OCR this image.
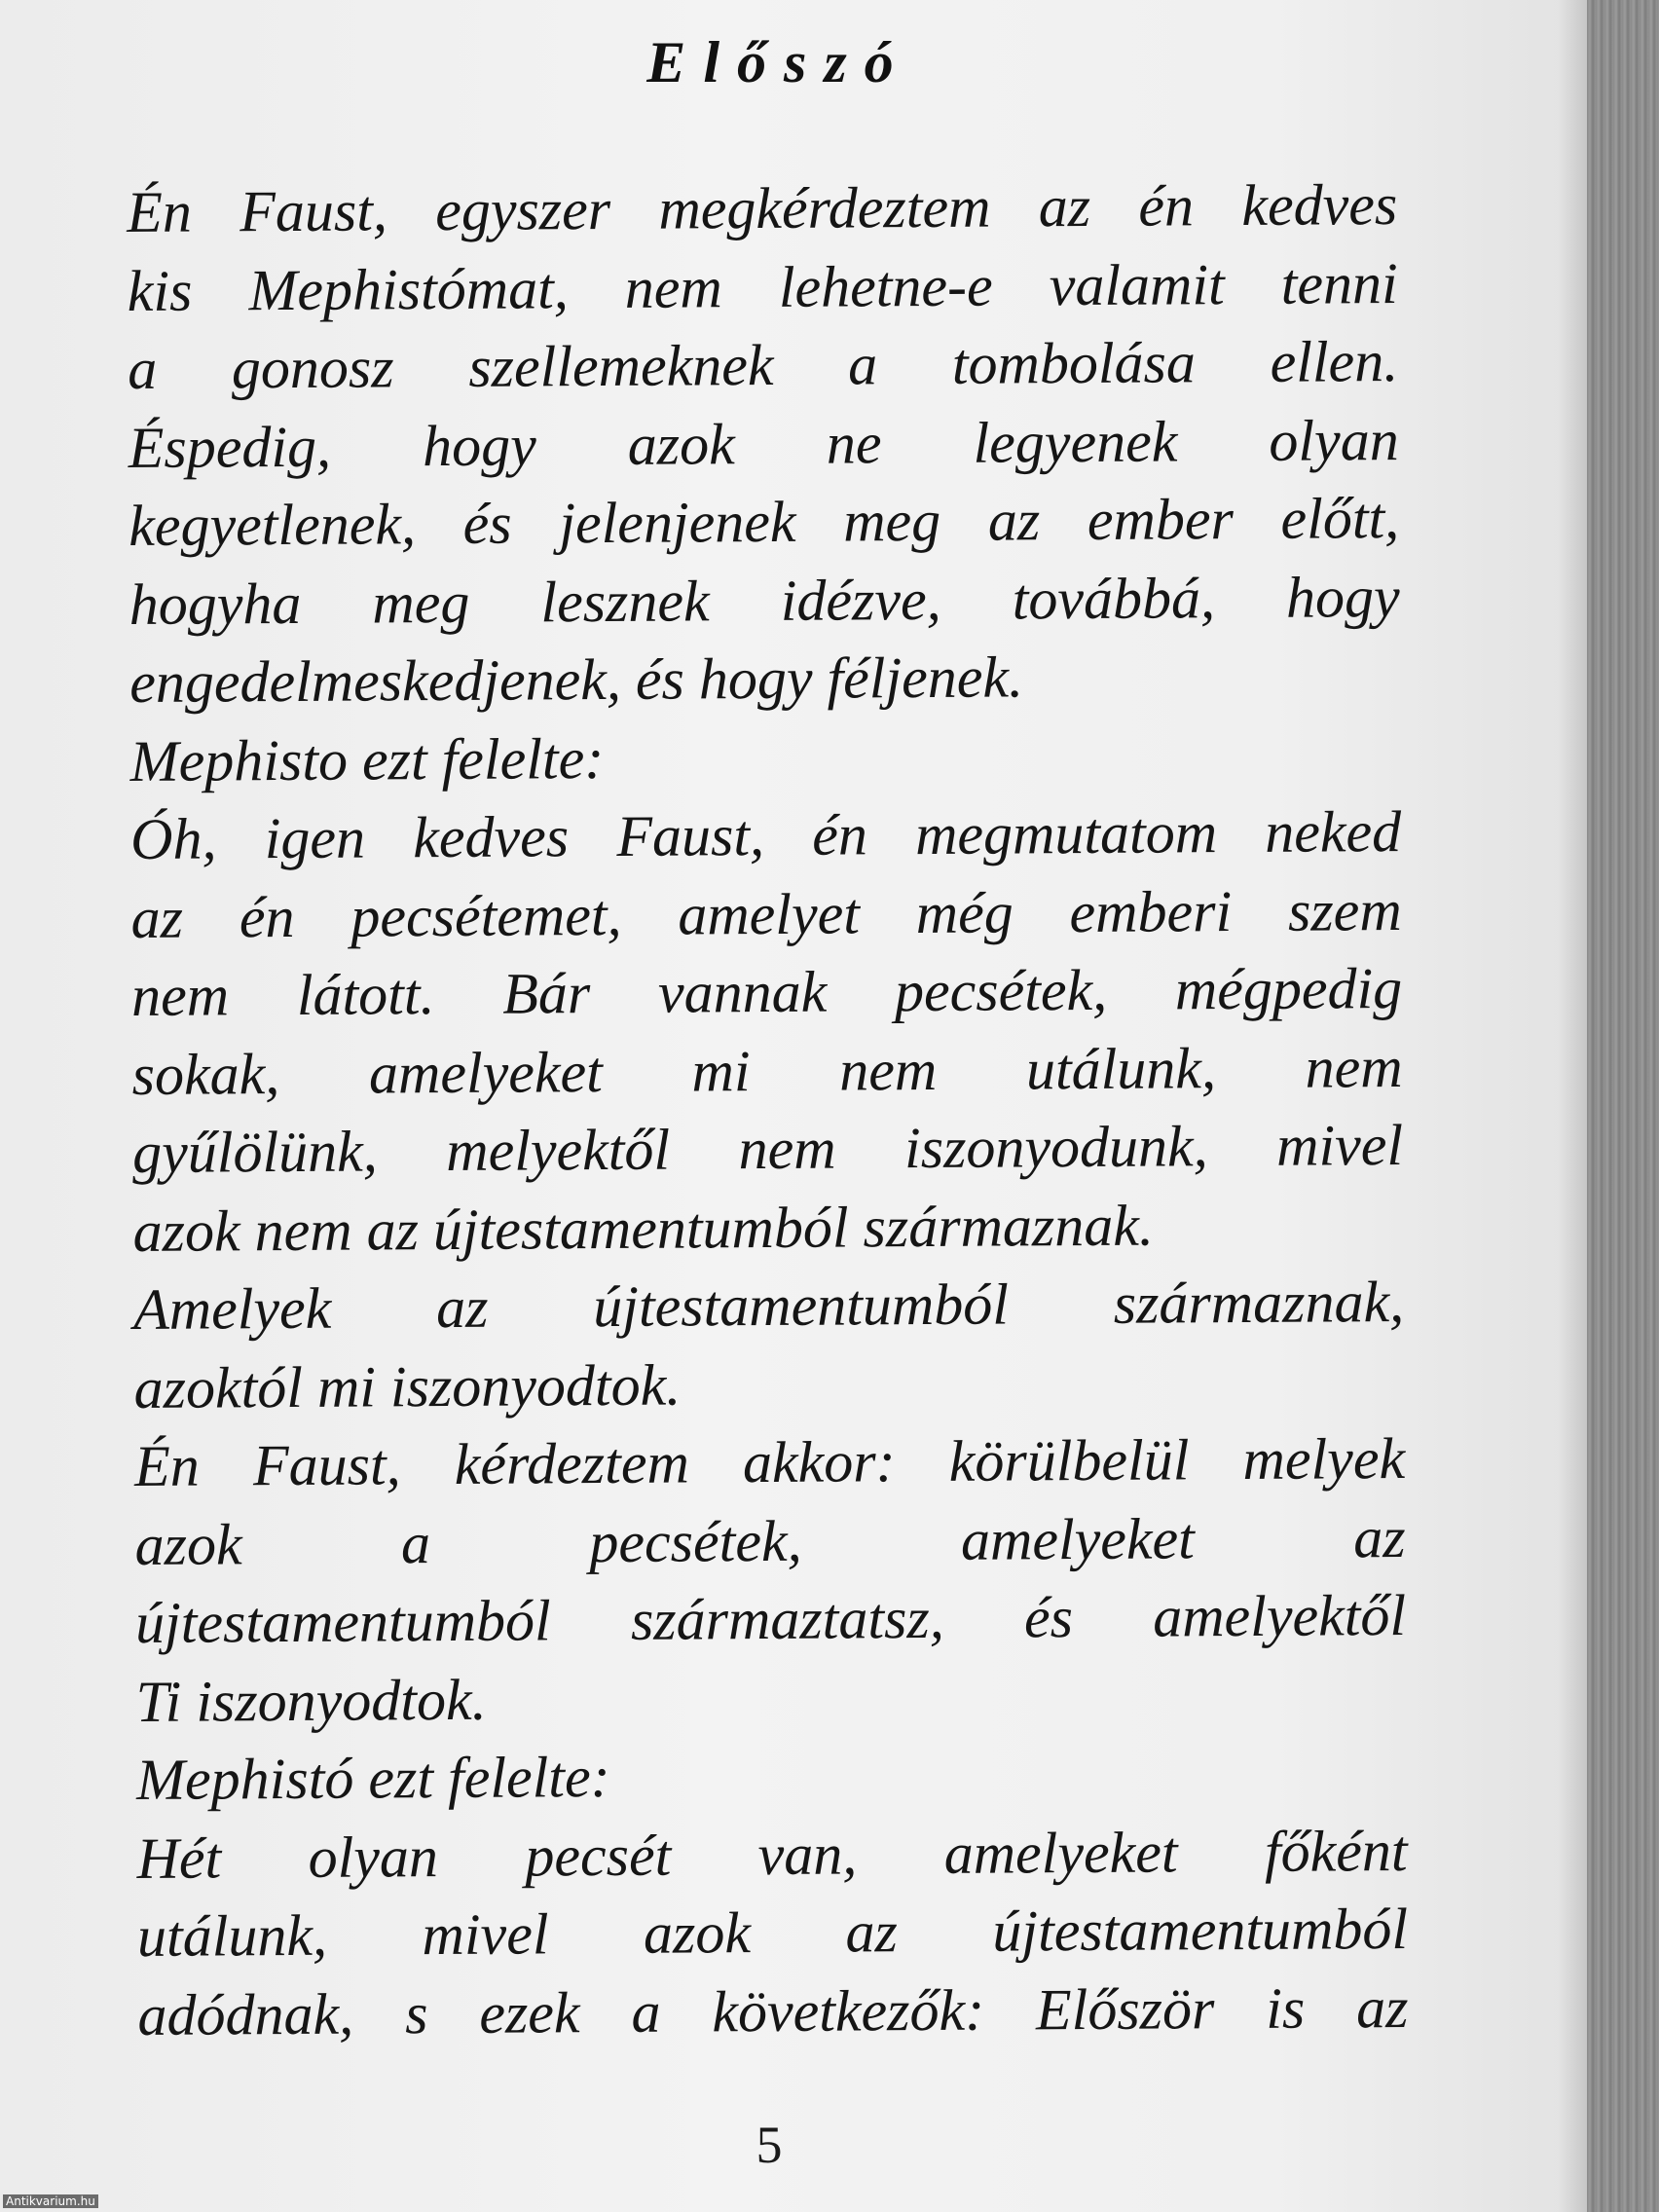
Előszó
Én Faust, egyszer megkérdeztem az én kedves
kis Mephistómat, nem lehetne-e valamit tenni
a gonosz szellemeknek a tombolása ellen.
Éspedig, hogy azok ne legyenek olyan
kegyetlenek, és jelenjenek meg az ember előtt,
hogyha meg lesznek idézve, továbbá, hogy
engedelmeskedjenek, és hogy féljenek.
Mephisto ezt felelte:
Óh, igen kedves Faust, én megmutatom neked
az én pecsétemet, amelyet még emberi szem
nem látott. Bár vannak pecsétek, mégpedig
sokak, amelyeket mi nem utálunk, nem
gyűlölünk, melyektől nem iszonyodunk, mivel
azok nem az újtestamentumból származnak.
Amelyek az újtestamentumból származnak,
azoktól mi iszonyodtok.
Én Faust, kérdeztem akkor: körülbelül melyek
azok a pecsétek, amelyeket az
újtestamentumból származtatsz, és amelyektől
Ti iszonyodtok.
Mephistó ezt felelte:
Hét olyan pecsét van, amelyeket főként
utálunk, mivel azok az újtestamentumból
adódnak, s ezek a következők: Először is az
5
Antikvarium.hu
